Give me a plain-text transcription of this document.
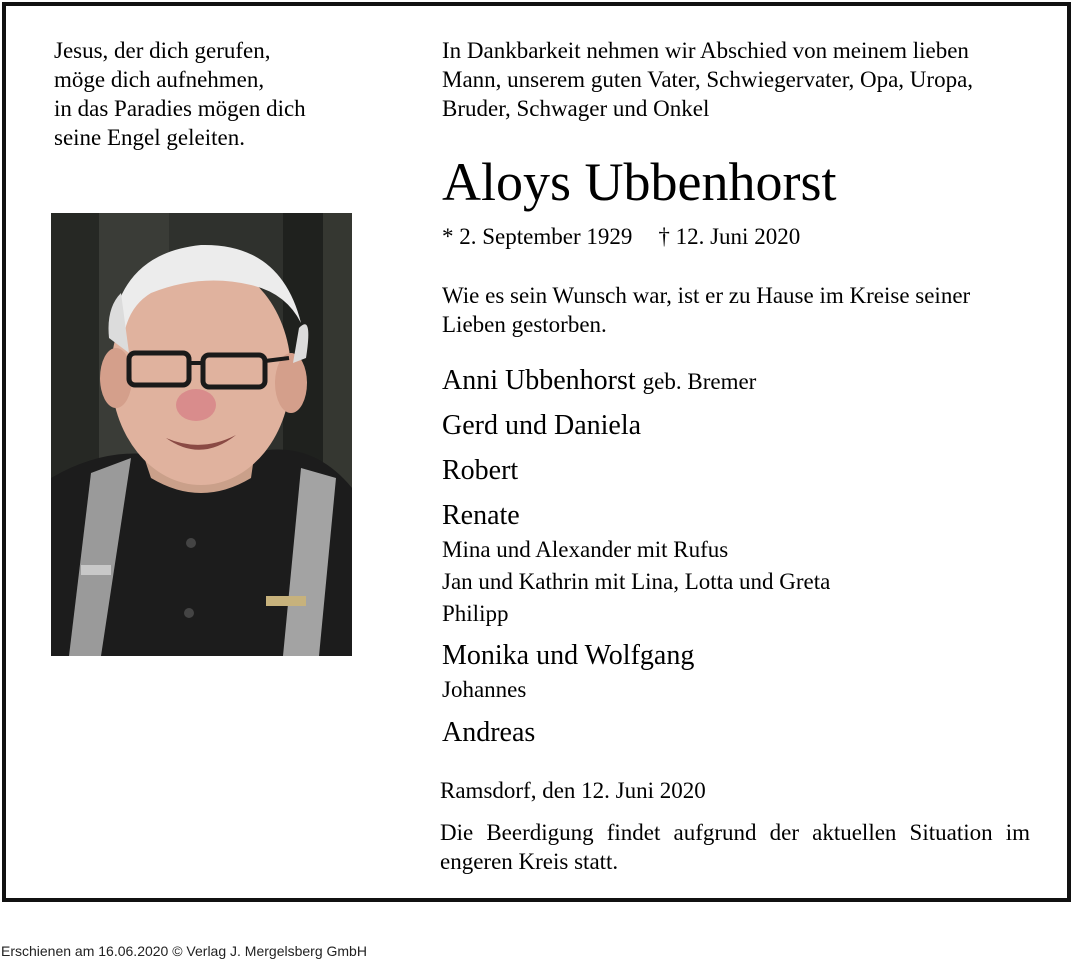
Jesus, der dich gerufen,
möge dich aufnehmen,
in das Paradies mögen dich
seine Engel geleiten.
In Dankbarkeit nehmen wir Abschied von meinem lieben
Mann, unserem guten Vater, Schwiegervater, Opa, Uropa,
Bruder, Schwager und Onkel
Aloys Ubbenhorst
* 2. September 1929 † 12. Juni 2020
Wie es sein Wunsch war, ist er zu Hause im Kreise seiner
Lieben gestorben.
Anni Ubbenhorst geb. Bremer
Gerd und Daniela
Robert
Renate
Mina und Alexander mit Rufus
Jan und Kathrin mit Lina, Lotta und Greta
Philipp
Monika und Wolfgang
Johannes
Andreas
Ramsdorf, den 12. Juni 2020
Die Beerdigung findet aufgrund der aktuellen Situation im engeren Kreis statt.
Erschienen am 16.06.2020 © Verlag J. Mergelsberg GmbH
